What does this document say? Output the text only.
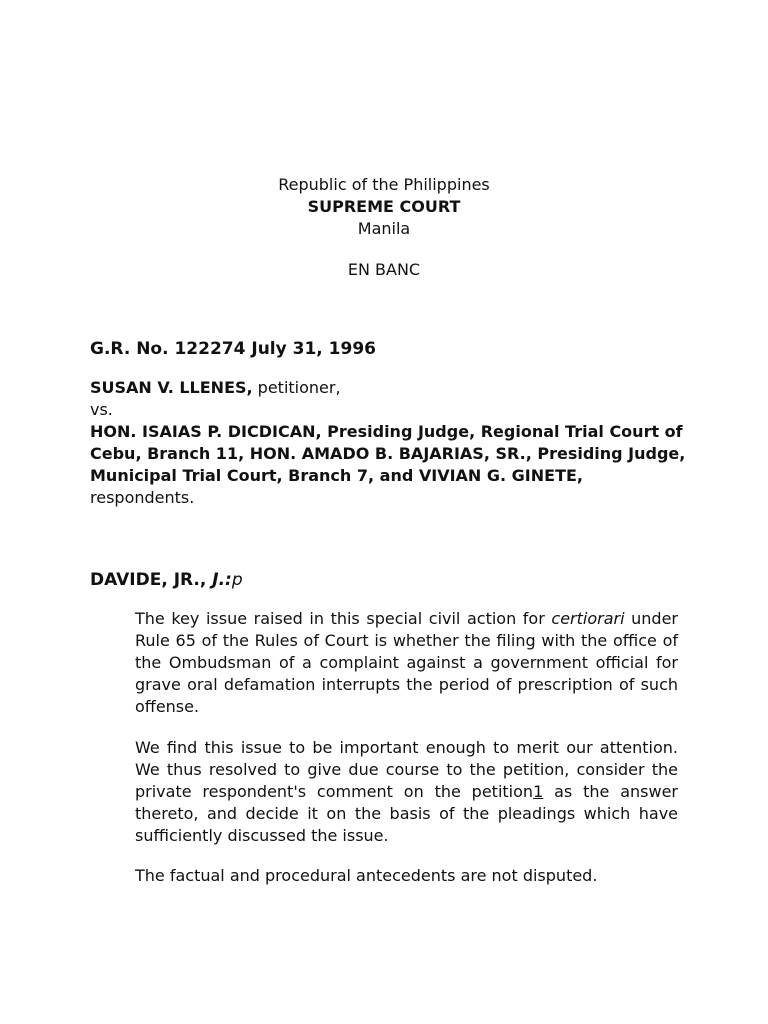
Republic of the Philippines
SUPREME COURT
Manila
EN BANC
G.R. No. 122274 July 31, 1996
SUSAN V. LLENES, petitioner,
vs.
HON. ISAIAS P. DICDICAN, Presiding Judge, Regional Trial Court of Cebu, Branch 11, HON. AMADO B. BAJARIAS, SR., Presiding Judge, Municipal Trial Court, Branch 7, and VIVIAN G. GINETE, respondents.
DAVIDE, JR., J.:p
The key issue raised in this special civil action for certiorari under Rule 65 of the Rules of Court is whether the filing with the office of the Ombudsman of a complaint against a government official for grave oral defamation interrupts the period of prescription of such offense.
We find this issue to be important enough to merit our attention. We thus resolved to give due course to the petition, consider the private respondent's comment on the petition1 as the answer thereto, and decide it on the basis of the pleadings which have sufficiently discussed the issue.
The factual and procedural antecedents are not disputed.
